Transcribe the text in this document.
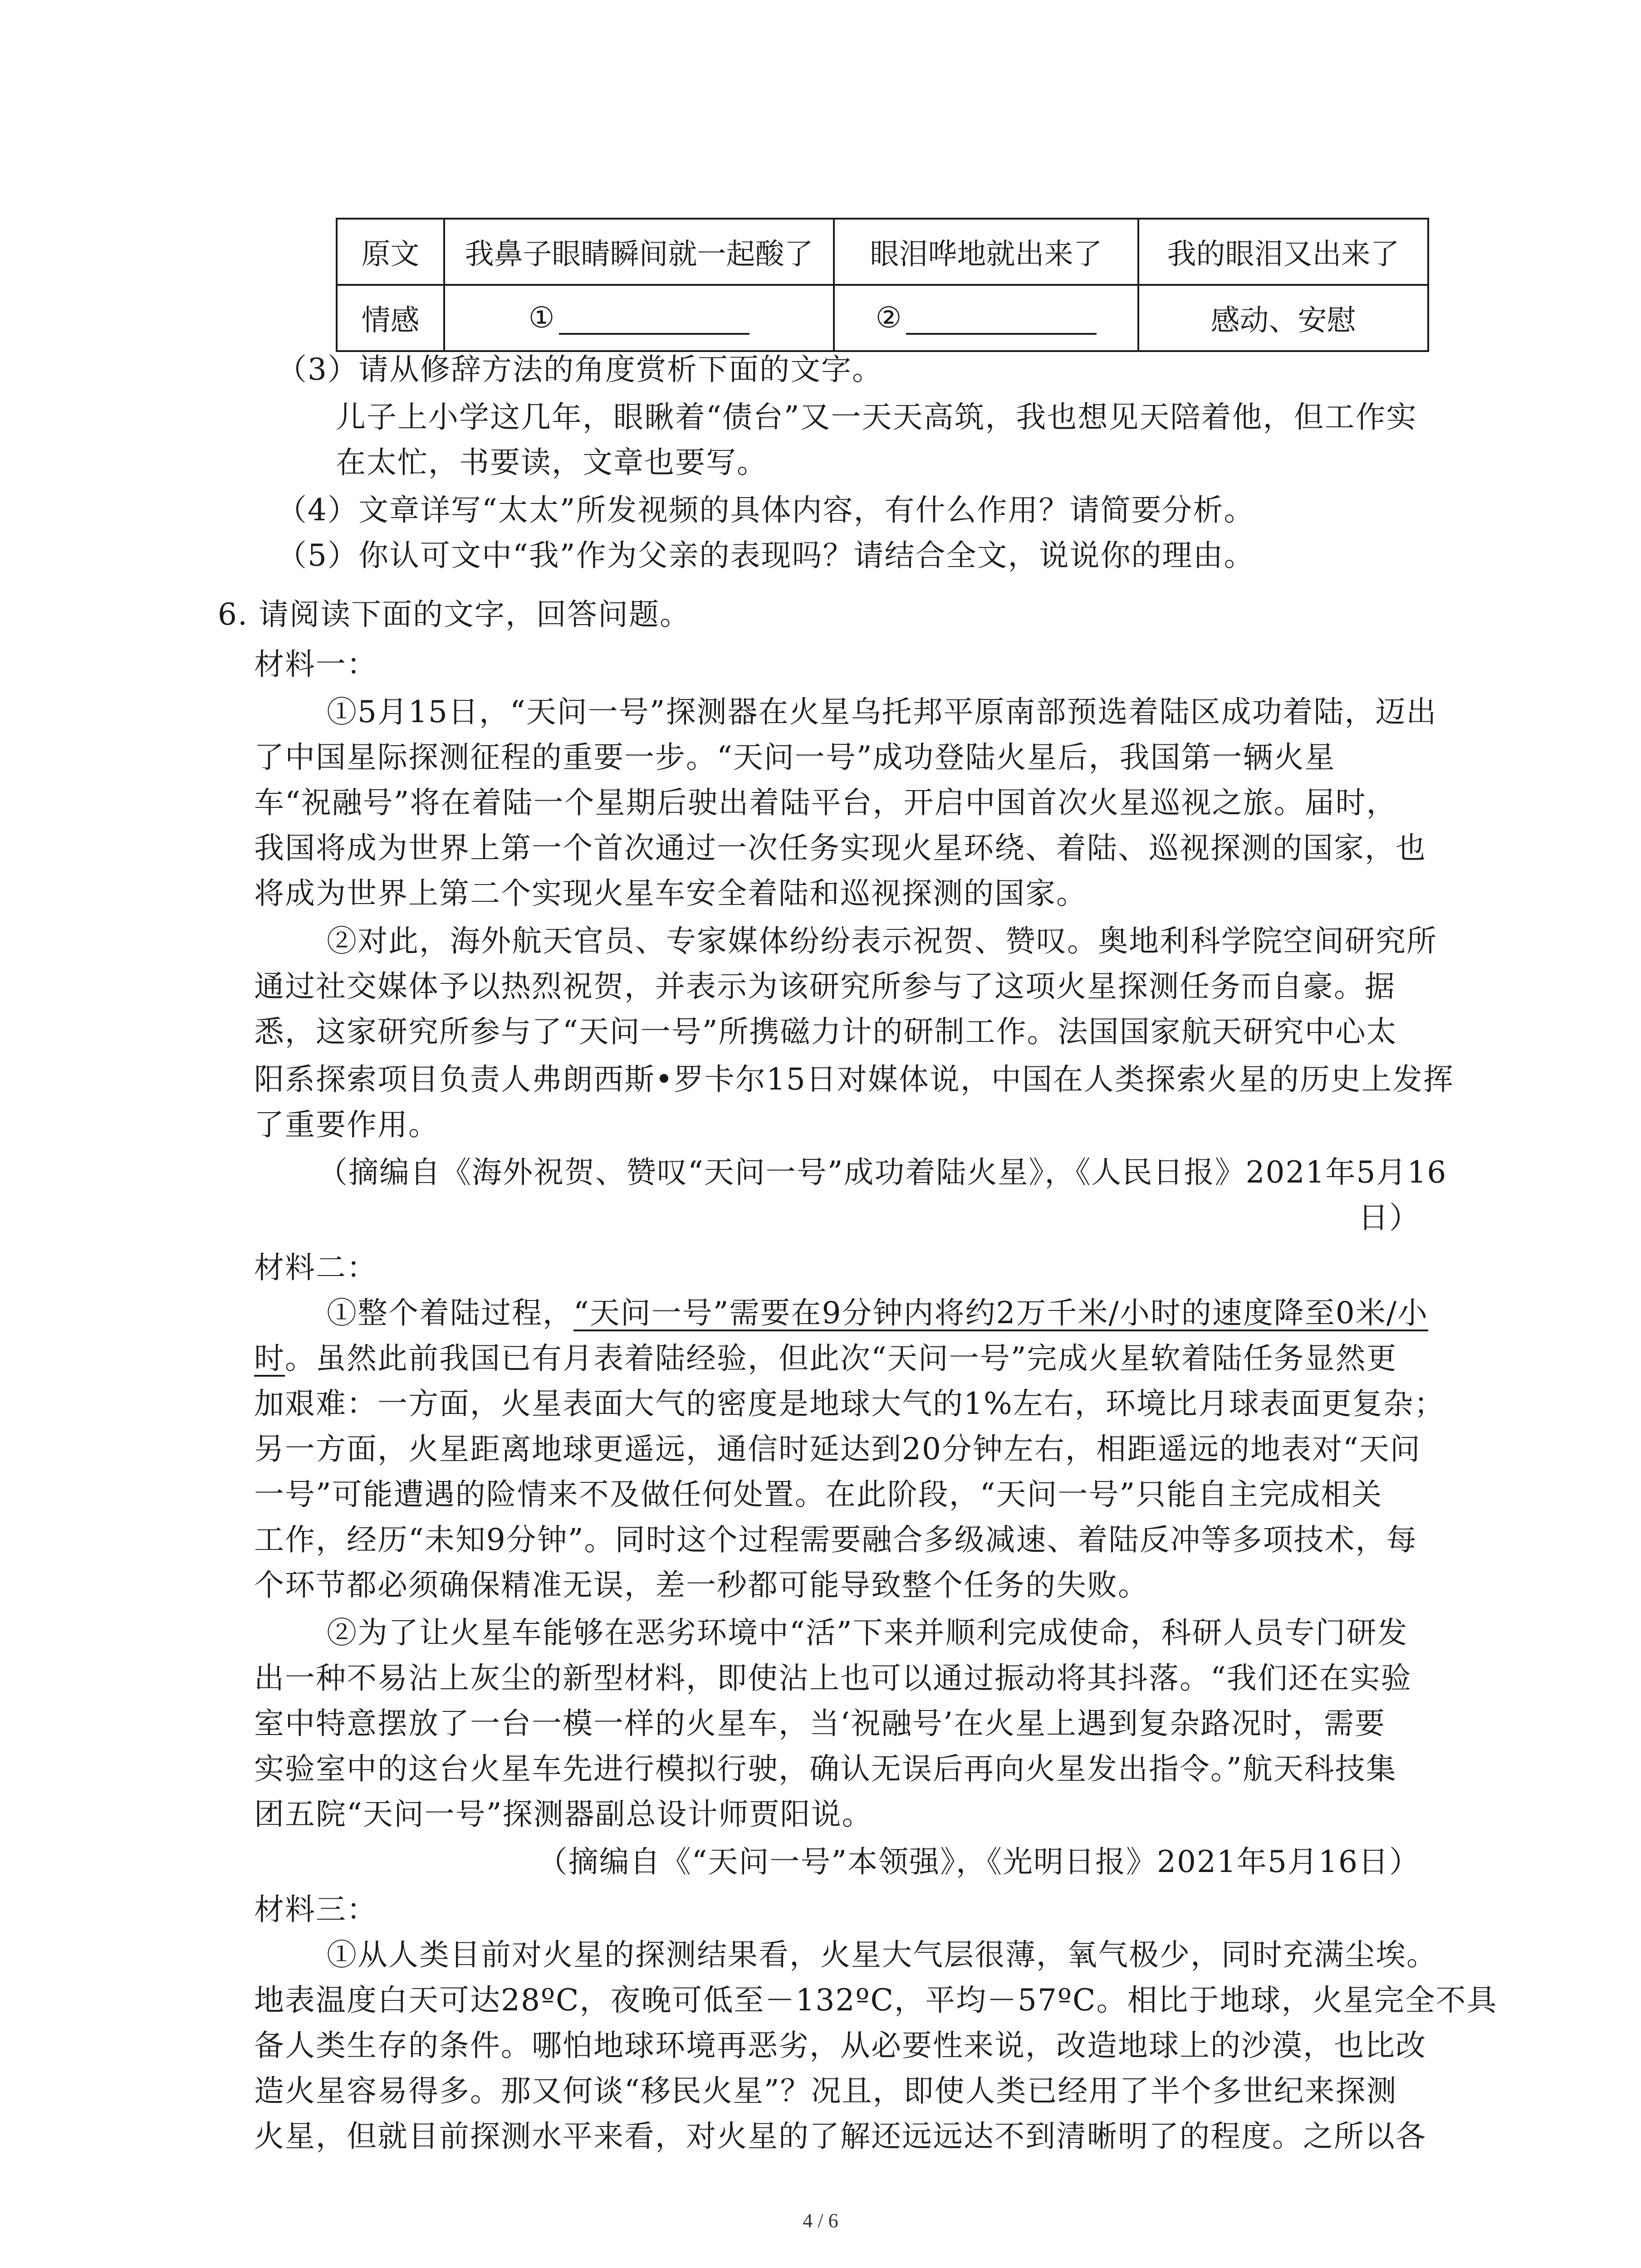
原文	我鼻子眼睛瞬间就一起酸了	眼泪哗地就出来了	我的眼泪又出来了
情感	①	②	感动、安慰
（3）请从修辞方法的角度赏析下面的文字。
儿子上小学这几年，眼瞅着“债台”又一天天高筑，我也想见天陪着他，但工作实
在太忙，书要读，文章也要写。
（4）文章详写“太太”所发视频的具体内容，有什么作用？请简要分析。
（5）你认可文中“我”作为父亲的表现吗？请结合全文，说说你的理由。
6. 请阅读下面的文字，回答问题。
材料一：
①5月15日，“天问一号”探测器在火星乌托邦平原南部预选着陆区成功着陆，迈出
了中国星际探测征程的重要一步。“天问一号”成功登陆火星后，我国第一辆火星
车“祝融号”将在着陆一个星期后驶出着陆平台，开启中国首次火星巡视之旅。届时，
我国将成为世界上第一个首次通过一次任务实现火星环绕、着陆、巡视探测的国家，也
将成为世界上第二个实现火星车安全着陆和巡视探测的国家。
②对此，海外航天官员、专家媒体纷纷表示祝贺、赞叹。奥地利科学院空间研究所
通过社交媒体予以热烈祝贺，并表示为该研究所参与了这项火星探测任务而自豪。据
悉，这家研究所参与了“天问一号”所携磁力计的研制工作。法国国家航天研究中心太
阳系探索项目负责人弗朗西斯•罗卡尔15日对媒体说，中国在人类探索火星的历史上发挥
了重要作用。
（摘编自《海外祝贺、赞叹“天问一号”成功着陆火星》，《人民日报》2021年5月16
日）
材料二：
①整个着陆过程，“天问一号”需要在9分钟内将约2万千米/小时的速度降至0米/小
时。虽然此前我国已有月表着陆经验，但此次“天问一号”完成火星软着陆任务显然更
加艰难：一方面，火星表面大气的密度是地球大气的1%左右，环境比月球表面更复杂；
另一方面，火星距离地球更遥远，通信时延达到20分钟左右，相距遥远的地表对“天问
一号”可能遭遇的险情来不及做任何处置。在此阶段，“天问一号”只能自主完成相关
工作，经历“未知9分钟”。同时这个过程需要融合多级减速、着陆反冲等多项技术，每
个环节都必须确保精准无误，差一秒都可能导致整个任务的失败。
②为了让火星车能够在恶劣环境中“活”下来并顺利完成使命，科研人员专门研发
出一种不易沾上灰尘的新型材料，即使沾上也可以通过振动将其抖落。“我们还在实验
室中特意摆放了一台一模一样的火星车，当‘祝融号’在火星上遇到复杂路况时，需要
实验室中的这台火星车先进行模拟行驶，确认无误后再向火星发出指令。”航天科技集
团五院“天问一号”探测器副总设计师贾阳说。
（摘编自《“天问一号”本领强》，《光明日报》2021年5月16日）
材料三：
①从人类目前对火星的探测结果看，火星大气层很薄，氧气极少，同时充满尘埃。
地表温度白天可达28ºC，夜晚可低至－132ºC，平均－57ºC。相比于地球，火星完全不具
备人类生存的条件。哪怕地球环境再恶劣，从必要性来说，改造地球上的沙漠，也比改
造火星容易得多。那又何谈“移民火星”？况且，即使人类已经用了半个多世纪来探测
火星，但就目前探测水平来看，对火星的了解还远远达不到清晰明了的程度。之所以各
4 / 6
